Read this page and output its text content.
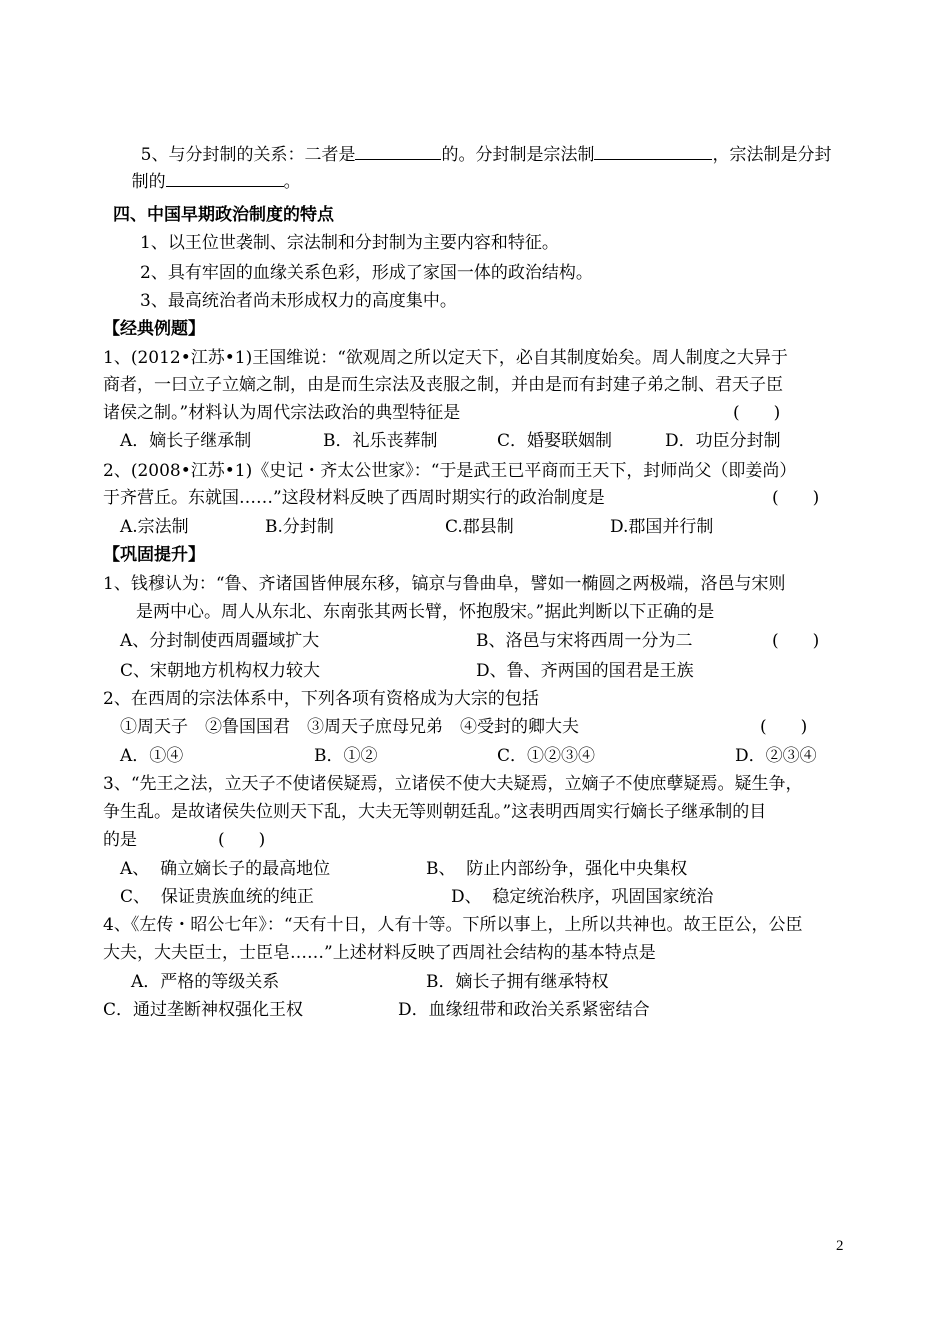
5、与分封制的关系：二者是	的。分封制是宗法制	，宗法制是分封

制的	。

四、中国早期政治制度的特点
1、以王位世袭制、宗法制和分封制为主要内容和特征。
2、具有牢固的血缘关系色彩，形成了家国一体的政治结构。
3、最高统治者尚未形成权力的高度集中。
【经典例题】
1、(2012•江苏•1)王国维说：“欲观周之所以定天下，必自其制度始矣。周人制度之大异于
商者，一曰立子立嫡之制，由是而生宗法及丧服之制，并由是而有封建子弟之制、君天子臣
诸侯之制。”材料认为周代宗法政治的典型特征是	(　　)
A．嫡长子继承制	B．礼乐丧葬制	C．婚娶联姻制	D．功臣分封制
2、(2008•江苏•1)《史记・齐太公世家》：“于是武王已平商而王天下，封师尚父（即姜尚）
于齐营丘。东就国……”这段材料反映了西周时期实行的政治制度是	(　　)
A.宗法制	B.分封制	C.郡县制	D.郡国并行制
【巩固提升】
1、钱穆认为：“鲁、齐诸国皆伸展东移，镐京与鲁曲阜，譬如一椭圆之两极端，洛邑与宋则
是两中心。周人从东北、东南张其两长臂，怀抱殷宋。”据此判断以下正确的是
A、分封制使西周疆域扩大	B、洛邑与宋将西周一分为二	(　　)
C、宋朝地方机构权力较大	D、鲁、齐两国的国君是王族
2、在西周的宗法体系中，下列各项有资格成为大宗的包括
①周天子　②鲁国国君　③周天子庶母兄弟　④受封的卿大夫	(　　)
A．①④	B．①②	C．①②③④	D．②③④
3、“先王之法，立天子不使诸侯疑焉，立诸侯不使大夫疑焉，立嫡子不使庶孽疑焉。疑生争，
争生乱。是故诸侯失位则天下乱，大夫无等则朝廷乱。”这表明西周实行嫡长子继承制的目
的是	(　　)
A、  确立嫡长子的最高地位	B、  防止内部纷争，强化中央集权
C、  保证贵族血统的纯正	D、  稳定统治秩序，巩固国家统治
4、《左传・昭公七年》：“天有十日，人有十等。下所以事上，上所以共神也。故王臣公，公臣
大夫，大夫臣士，士臣皂……”上述材料反映了西周社会结构的基本特点是
A．严格的等级关系	B．嫡长子拥有继承特权
C．通过垄断神权强化王权	D．血缘纽带和政治关系紧密结合
2
